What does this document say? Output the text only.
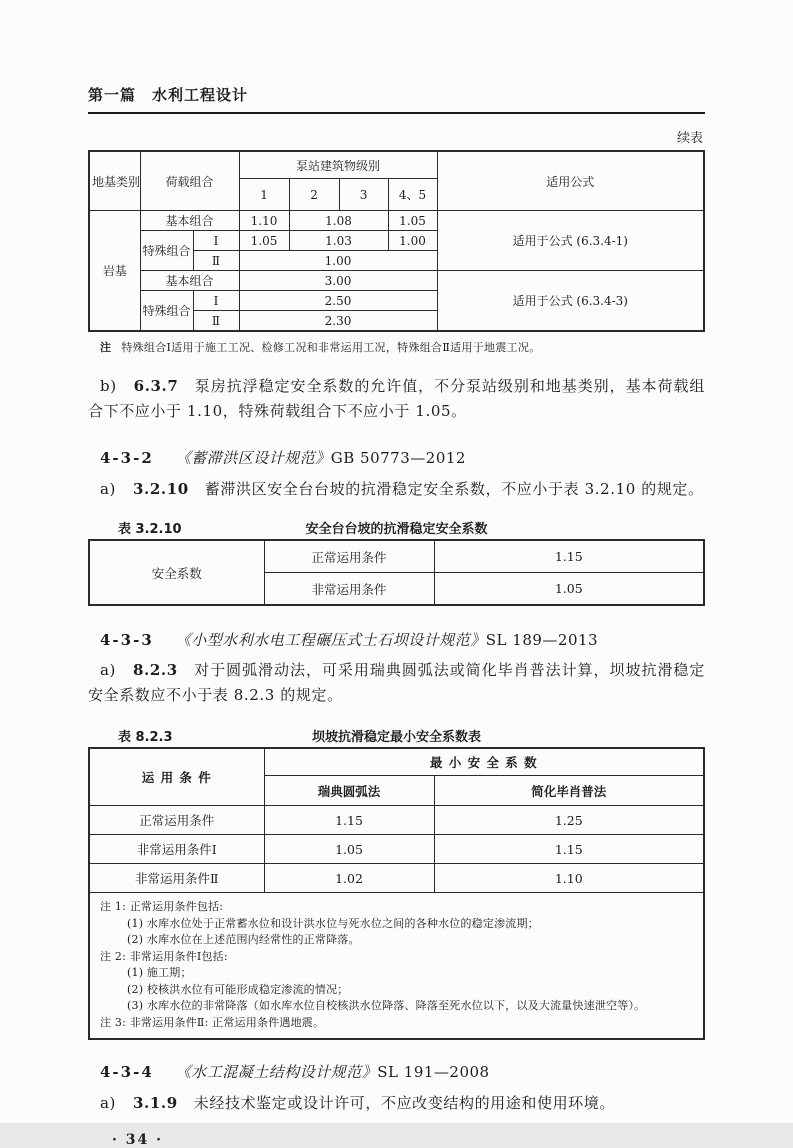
第一篇 水利工程设计
续表
地基类别	荷载组合		泵站建筑物级别				适用公式
			1	2	3	4、5	
岩基	基本组合		1.10	1.08		1.05	适用于公式 (6.3.4-1)
	特殊组合	Ⅰ	1.05	1.03		1.00	
		Ⅱ	1.00				
	基本组合		3.00				适用于公式 (6.3.4-3)
	特殊组合	Ⅰ	2.50				
		Ⅱ	2.30				
注 特殊组合Ⅰ适用于施工工况、检修工况和非常运用工况，特殊组合Ⅱ适用于地震工况。

b) 6.3.7 泵房抗浮稳定安全系数的允许值，不分泵站级别和地基类别，基本荷载组合下不应小于 1.10，特殊荷载组合下不应小于 1.05。

4-3-2 《蓄滞洪区设计规范》GB 50773—2012

a) 3.2.10 蓄滞洪区安全台台坡的抗滑稳定安全系数，不应小于表 3.2.10 的规定。

表 3.2.10	安全台台坡的抗滑稳定安全系数
安全系数	正常运用条件	1.15
	非常运用条件	1.05
4-3-3 《小型水利水电工程碾压式土石坝设计规范》SL 189—2013

a) 8.2.3 对于圆弧滑动法，可采用瑞典圆弧法或简化毕肖普法计算，坝坡抗滑稳定安全系数应不小于表 8.2.3 的规定。

表 8.2.3	坝坡抗滑稳定最小安全系数表
运 用 条 件	最 小 安 全 系 数	
	瑞典圆弧法	简化毕肖普法
正常运用条件	1.15	1.25
非常运用条件Ⅰ	1.05	1.15
非常运用条件Ⅱ	1.02	1.10

注 1: 正常运用条件包括:
(1) 水库水位处于正常蓄水位和设计洪水位与死水位之间的各种水位的稳定渗流期；
(2) 水库水位在上述范围内经常性的正常降落。
注 2: 非常运用条件Ⅰ包括:
(1) 施工期；
(2) 校核洪水位有可能形成稳定渗流的情况；
(3) 水库水位的非常降落（如水库水位自校核洪水位降落、降落至死水位以下，以及大流量快速泄空等）。
注 3: 非常运用条件Ⅱ: 正常运用条件遇地震。
4-3-4 《水工混凝土结构设计规范》SL 191—2008

a) 3.1.9 未经技术鉴定或设计许可，不应改变结构的用途和使用环境。

· 34 ·
